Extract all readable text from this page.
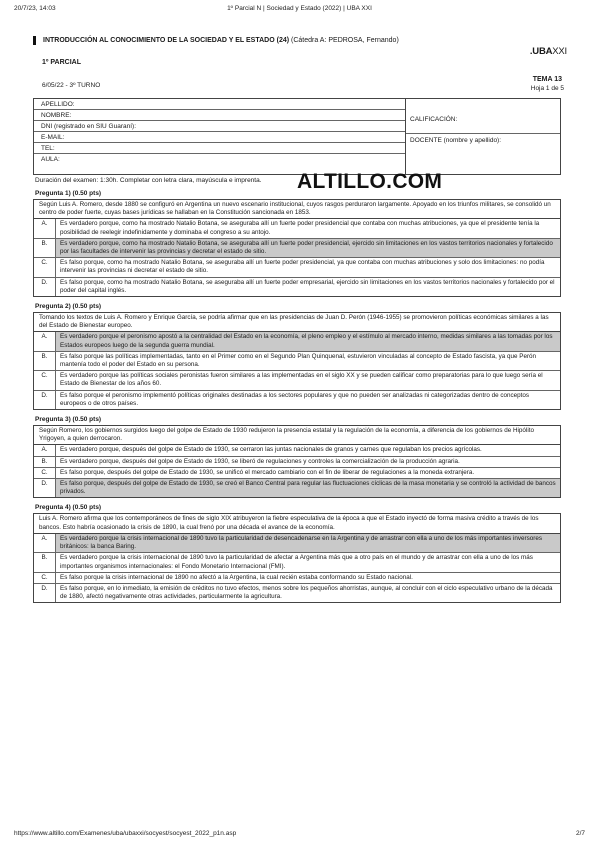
20/7/23, 14:03	1º Parcial N | Sociedad y Estado (2022) | UBA XXI
INTRODUCCIÓN AL CONOCIMIENTO DE LA SOCIEDAD Y EL ESTADO (24) (Cátedra A: PEDROSA, Fernando)
1º PARCIAL
6/05/22 - 3º TURNO
.UBAXXI
TEMA 13
Hoja 1 de 5
APELLIDO:
NOMBRE:
DNI (registrado en SIU Guaraní):
E-MAIL:
TEL:
AULA:
CALIFICACIÓN:
DOCENTE (nombre y apellido):
Duración del examen: 1:30h. Completar con letra clara, mayúscula e imprenta.
Pregunta 1) (0.50 pts)
Según Luis A. Romero, desde 1880 se configuró en Argentina un nuevo escenario institucional, cuyos rasgos perduraron largamente. Apoyado en los triunfos militares, se consolidó un centro de poder fuerte, cuyas bases jurídicas se hallaban en la Constitución sancionada en 1853.
A.	Es verdadero porque, como ha mostrado Natalio Botana, se aseguraba allí un fuerte poder presidencial que contaba con muchas atribuciones, ya que el presidente tenía la posibilidad de reelegir indefinidamente y dominaba el congreso a su antojo.
B.	Es verdadero porque, como ha mostrado Natalio Botana, se aseguraba allí un fuerte poder presidencial, ejercido sin limitaciones en los vastos territorios nacionales y fortalecido por las facultades de intervenir las provincias y decretar el estado de sitio.
C.	Es falso porque, como ha mostrado Natalio Botana, se aseguraba allí un fuerte poder presidencial, ya que contaba con muchas atribuciones y solo dos limitaciones: no podía intervenir las provincias ni decretar el estado de sitio.
D.	Es falso porque, como ha mostrado Natalio Botana, se aseguraba allí un fuerte poder empresarial, ejercido sin limitaciones en los vastos territorios nacionales y fortalecido por el poder del capital inglés.
Pregunta 2) (0.50 pts)
Tomando los textos de Luis A. Romero y Enrique García, se podría afirmar que en las presidencias de Juan D. Perón (1946-1955) se promovieron políticas económicas similares a las del Estado de Bienestar europeo.
A.	Es verdadero porque el peronismo apostó a la centralidad del Estado en la economía, el pleno empleo y el estímulo al mercado interno, medidas similares a las tomadas por los Estados europeos luego de la segunda guerra mundial.
B.	Es falso porque las políticas implementadas, tanto en el Primer como en el Segundo Plan Quinquenal, estuvieron vinculadas al concepto de Estado fascista, ya que Perón mantenía todo el poder del Estado en su persona.
C.	Es verdadero porque las políticas sociales peronistas fueron similares a las implementadas en el siglo XX y se pueden calificar como preparatorias para lo que luego sería el Estado de Bienestar de los años 60.
D.	Es falso porque el peronismo implementó políticas originales destinadas a los sectores populares y que no pueden ser analizadas ni categorizadas dentro de conceptos europeos o de otros países.
Pregunta 3) (0.50 pts)
Según Romero, los gobiernos surgidos luego del golpe de Estado de 1930 redujeron la presencia estatal y la regulación de la economía, a diferencia de los gobiernos de Hipólito Yrigoyen, a quien derrocaron.
A.	Es verdadero porque, después del golpe de Estado de 1930, se cerraron las juntas nacionales de granos y carnes que regulaban los precios agrícolas.
B.	Es verdadero porque, después del golpe de Estado de 1930, se liberó de regulaciones y controles la comercialización de la producción agraria.
C.	Es falso porque, después del golpe de Estado de 1930, se unificó el mercado cambiario con el fin de liberar de regulaciones a la moneda extranjera.
D.	Es falso porque, después del golpe de Estado de 1930, se creó el Banco Central para regular las fluctuaciones cíclicas de la masa monetaria y se controló la actividad de bancos privados.
Pregunta 4) (0.50 pts)
Luis A. Romero afirma que los contemporáneos de fines de siglo XIX atribuyeron la fiebre especulativa de la época a que el Estado inyectó de forma masiva crédito a través de los bancos. Esto habría ocasionado la crisis de 1890, la cual frenó por una década el avance de la economía.
A.	Es verdadero porque la crisis internacional de 1890 tuvo la particularidad de desencadenarse en la Argentina y de arrastrar con ella a uno de los más importantes inversores británicos: la banca Baring.
B.	Es verdadero porque la crisis internacional de 1890 tuvo la particularidad de afectar a Argentina más que a otro país en el mundo y de arrastrar con ella a uno de los más importantes organismos internacionales: el Fondo Monetario Internacional (FMI).
C.	Es falso porque la crisis internacional de 1890 no afectó a la Argentina, la cual recién estaba conformando su Estado nacional.
D.	Es falso porque, en lo inmediato, la emisión de créditos no tuvo efectos, menos sobre los pequeños ahorristas, aunque, al concluir con el ciclo especulativo urbano de la década de 1880, afectó negativamente otras actividades, particularmente la agricultura.
ALTILLO.COM
https://www.altillo.com/Examenes/uba/ubaxxi/socyest/socyest_2022_p1n.asp	2/7
